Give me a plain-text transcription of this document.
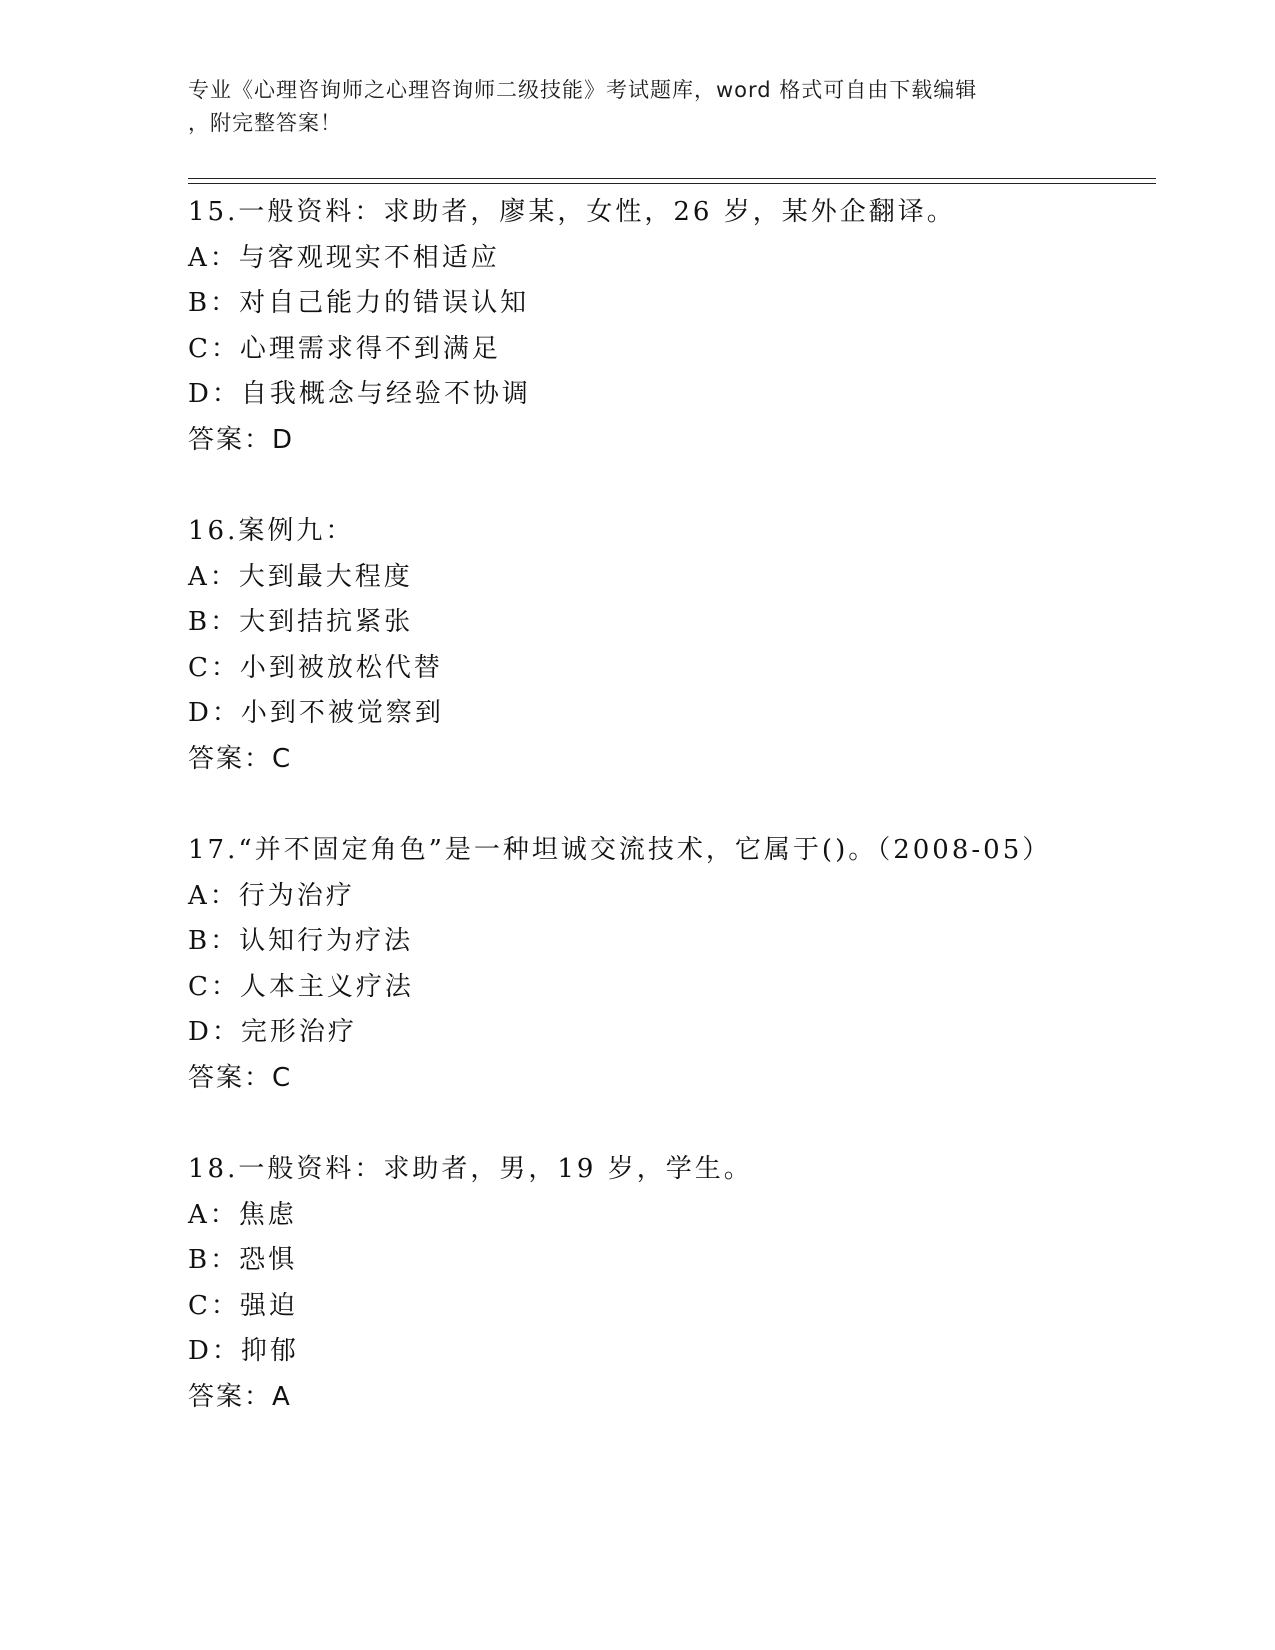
专业《心理咨询师之心理咨询师二级技能》考试题库，word 格式可自由下载编辑
，附完整答案！
15.一般资料：求助者，廖某，女性，26 岁，某外企翻译。
A：与客观现实不相适应
B：对自己能力的错误认知
C：心理需求得不到满足
D：自我概念与经验不协调
答案：D
16.案例九：
A：大到最大程度
B：大到拮抗紧张
C：小到被放松代替
D：小到不被觉察到
答案：C
17.“并不固定角色”是一种坦诚交流技术，它属于()。（2008-05）
A：行为治疗
B：认知行为疗法
C：人本主义疗法
D：完形治疗
答案：C
18.一般资料：求助者，男，19 岁，学生。
A：焦虑
B：恐惧
C：强迫
D：抑郁
答案：A
